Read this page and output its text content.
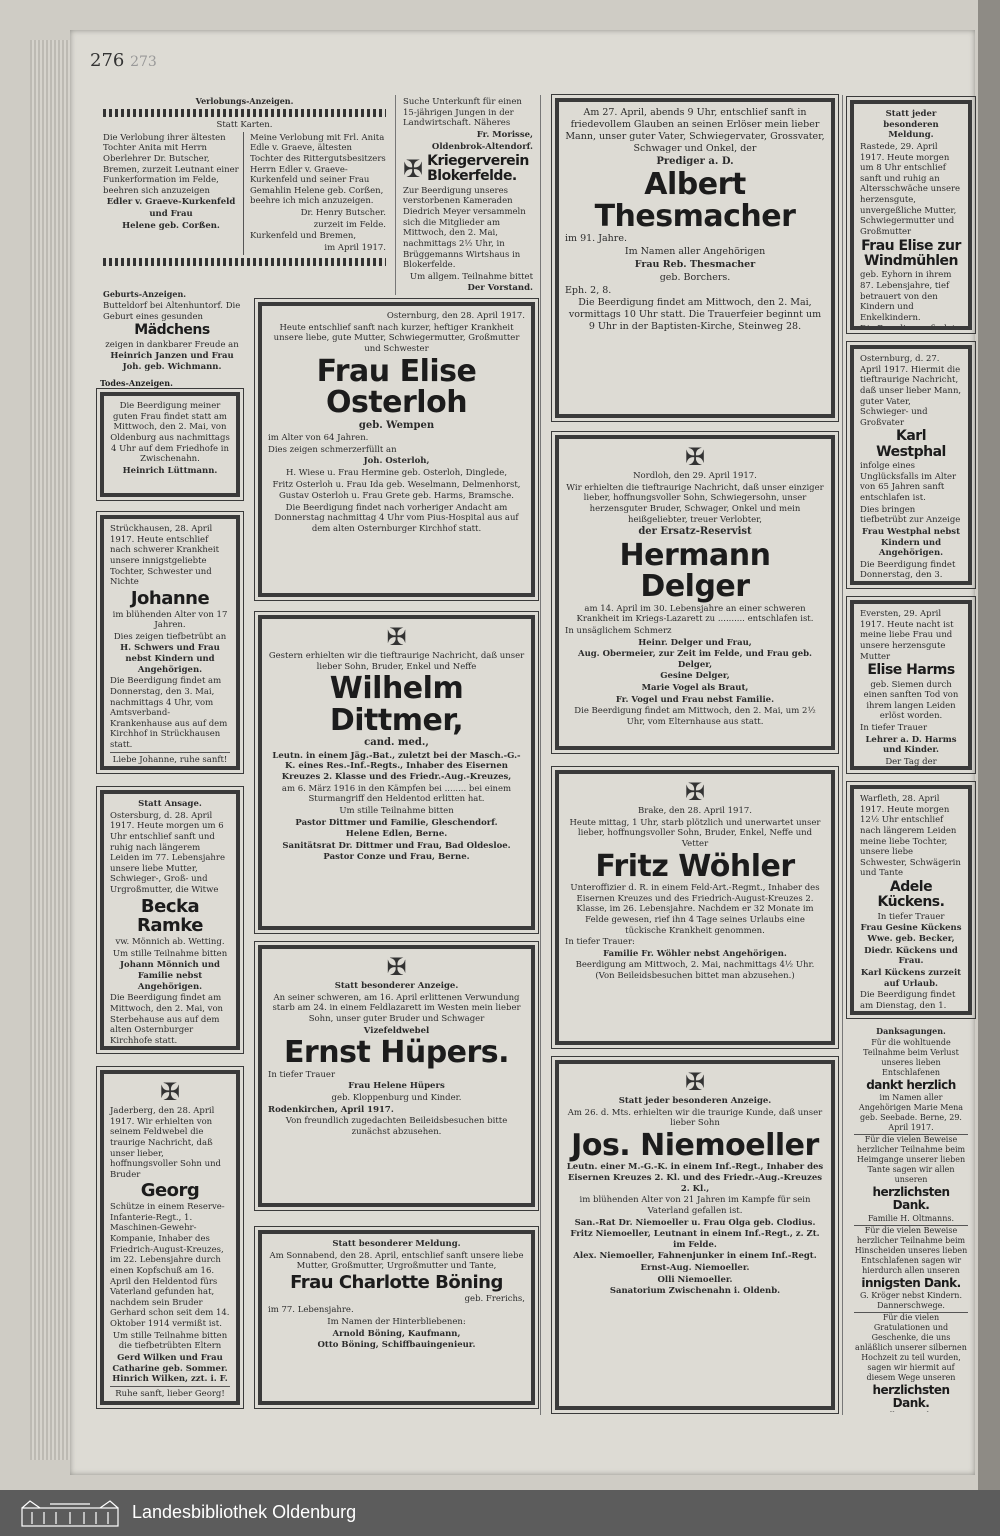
276 273
Verlobungs-Anzeigen.
Statt Karten.
Die Verlobung ihrer ältesten Tochter Anita mit Herrn Oberlehrer Dr. Butscher, Bremen, zurzeit Leutnant einer Funkerformation im Felde, beehren sich anzuzeigen
Edler v. Graeve-Kurkenfeld
und Frau
Helene geb. Corßen.
Meine Verlobung mit Frl. Anita Edle v. Graeve, ältesten Tochter des Rittergutsbesitzers Herrn Edler v. Graeve-Kurkenfeld und seiner Frau Gemahlin Helene geb. Corßen, beehre ich mich anzuzeigen.
Dr. Henry Butscher.
zurzeit im Felde.
Kurkenfeld und Bremen,
im April 1917.
Suche Unterkunft für einen 15-jährigen Jungen in der Landwirtschaft. Näheres
Fr. Morisse,
Oldenbrok-Altendorf.
✠ Kriegerverein
Blokerfelde.
Zur Beerdigung unseres verstorbenen Kameraden Diedrich Meyer versammeln sich die Mitglieder am Mittwoch, den 2. Mai, nachmittags 2½ Uhr, in Brüggemanns Wirtshaus in Blokerfelde.
Um allgem. Teilnahme bittet
Der Vorstand.
Geburts-Anzeigen.
Butteldorf bei Altenhuntorf. Die Geburt eines gesunden
Mädchens
zeigen in dankbarer Freude an
Heinrich Janzen und Frau Joh. geb. Wichmann.
Todes-Anzeigen.
Die Beerdigung meiner guten Frau findet statt am Mittwoch, den 2. Mai, von Oldenburg aus nachmittags 4 Uhr auf dem Friedhofe in Zwischenahn.
Heinrich Lüttmann.
Strückhausen, 28. April 1917. Heute entschlief nach schwerer Krankheit unsere innigstgeliebte Tochter, Schwester und Nichte
Johanne
im blühenden Alter von 17 Jahren.
Dies zeigen tiefbetrübt an
H. Schwers und Frau nebst Kindern und Angehörigen.
Die Beerdigung findet am Donnerstag, den 3. Mai, nachmittags 4 Uhr, vom Amtsverband-Krankenhause aus auf dem Kirchhof in Strückhausen statt.
Liebe Johanne, ruhe sanft!
Statt Ansage.
Ostersburg, d. 28. April 1917. Heute morgen um 6 Uhr entschlief sanft und ruhig nach längerem Leiden im 77. Lebensjahre unsere liebe Mutter, Schwieger-, Groß- und Urgroßmutter, die Witwe
Becka Ramke
vw. Mönnich ab. Wetting.
Um stille Teilnahme bitten
Johann Mönnich und Familie nebst Angehörigen.
Die Beerdigung findet am Mittwoch, den 2. Mai, von Sterbehause aus auf dem alten Osternburger Kirchhofe statt.
✠
Jaderberg, den 28. April 1917. Wir erhielten von seinem Feldwebel die traurige Nachricht, daß unser lieber, hoffnungsvoller Sohn und Bruder
Georg
Schütze in einem Reserve-Infanterie-Regt., 1. Maschinen-Gewehr-Kompanie, Inhaber des Friedrich-August-Kreuzes, im 22. Lebensjahre durch einen Kopfschuß am 16. April den Heldentod fürs Vaterland gefunden hat, nachdem sein Bruder Gerhard schon seit dem 14. Oktober 1914 vermißt ist.
Um stille Teilnahme bitten die tiefbetrübten Eltern
Gerd Wilken und Frau Catharine geb. Sommer. Hinrich Wilken, zzt. i. F.
Ruhe sanft, lieber Georg!
Osternburg, den 28. April 1917.
Heute entschlief sanft nach kurzer, heftiger Krankheit unsere liebe, gute Mutter, Schwiegermutter, Großmutter und Schwester
Frau Elise Osterloh
geb. Wempen
im Alter von 64 Jahren.
Dies zeigen schmerzerfüllt an
Joh. Osterloh,
H. Wiese u. Frau Hermine geb. Osterloh, Dinglede,
Fritz Osterloh u. Frau Ida geb. Weselmann, Delmenhorst,
Gustav Osterloh u. Frau Grete geb. Harms, Bramsche.
Die Beerdigung findet nach vorheriger Andacht am Donnerstag nachmittag 4 Uhr vom Pius-Hospital aus auf dem alten Osternburger Kirchhof statt.
✠
Gestern erhielten wir die tieftraurige Nachricht, daß unser lieber Sohn, Bruder, Enkel und Neffe
Wilhelm Dittmer,
cand. med.,
Leutn. in einem Jäg.-Bat., zuletzt bei der Masch.-G.-K. eines Res.-Inf.-Regts., Inhaber des Eisernen Kreuzes 2. Klasse und des Friedr.-Aug.-Kreuzes,
am 6. März 1916 in den Kämpfen bei ........ bei einem Sturmangriff den Heldentod erlitten hat.
Um stille Teilnahme bitten
Pastor Dittmer und Familie, Gleschendorf.
Helene Edlen, Berne.
Sanitätsrat Dr. Dittmer und Frau, Bad Oldesloe.
Pastor Conze und Frau, Berne.
✠
Statt besonderer Anzeige.
An seiner schweren, am 16. April erlittenen Verwundung starb am 24. in einem Feldlazarett im Westen mein lieber Sohn, unser guter Bruder und Schwager
Vizefeldwebel
Ernst Hüpers.
In tiefer Trauer
Frau Helene Hüpers
geb. Kloppenburg und Kinder.
Rodenkirchen, April 1917.
Von freundlich zugedachten Beileidsbesuchen bitte zunächst abzusehen.
Statt besonderer Meldung.
Am Sonnabend, den 28. April, entschlief sanft unsere liebe Mutter, Großmutter, Urgroßmutter und Tante,
Frau Charlotte Böning
geb. Frerichs,
im 77. Lebensjahre.
Im Namen der Hinterbliebenen:
Arnold Böning, Kaufmann,
Otto Böning, Schiffbauingenieur.
Am 27. April, abends 9 Uhr, entschlief sanft in friedevollem Glauben an seinen Erlöser mein lieber Mann, unser guter Vater, Schwiegervater, Grossvater, Schwager und Onkel, der
Prediger a. D.
Albert Thesmacher
im 91. Jahre.
Im Namen aller Angehörigen
Frau Reb. Thesmacher
geb. Borchers.
Eph. 2, 8.
Die Beerdigung findet am Mittwoch, den 2. Mai, vormittags 10 Uhr statt. Die Trauerfeier beginnt um 9 Uhr in der Baptisten-Kirche, Steinweg 28.
✠
Nordloh, den 29. April 1917.
Wir erhielten die tieftraurige Nachricht, daß unser einziger lieber, hoffnungsvoller Sohn, Schwiegersohn, unser herzensguter Bruder, Schwager, Onkel und mein heißgeliebter, treuer Verlobter,
der Ersatz-Reservist
Hermann Delger
am 14. April im 30. Lebensjahre an einer schweren Krankheit im Kriegs-Lazarett zu .......... entschlafen ist.
In unsäglichem Schmerz
Heinr. Delger und Frau,
Aug. Obermeier, zur Zeit im Felde, und Frau geb. Delger,
Gesine Delger,
Marie Vogel als Braut,
Fr. Vogel und Frau nebst Familie.
Die Beerdigung findet am Mittwoch, den 2. Mai, um 2½ Uhr, vom Elternhause aus statt.
✠
Brake, den 28. April 1917.
Heute mittag, 1 Uhr, starb plötzlich und unerwartet unser lieber, hoffnungsvoller Sohn, Bruder, Enkel, Neffe und Vetter
Fritz Wöhler
Unteroffizier d. R. in einem Feld-Art.-Regmt., Inhaber des Eisernen Kreuzes und des Friedrich-August-Kreuzes 2. Klasse, im 26. Lebensjahre. Nachdem er 32 Monate im Felde gewesen, rief ihn 4 Tage seines Urlaubs eine tückische Krankheit genommen.
In tiefer Trauer:
Familie Fr. Wöhler nebst Angehörigen.
Beerdigung am Mittwoch, 2. Mai, nachmittags 4½ Uhr. (Von Beileidsbesuchen bittet man abzusehen.)
✠
Statt jeder besonderen Anzeige.
Am 26. d. Mts. erhielten wir die traurige Kunde, daß unser lieber Sohn
Jos. Niemoeller
Leutn. einer M.-G.-K. in einem Inf.-Regt., Inhaber des Eisernen Kreuzes 2. Kl. und des Friedr.-Aug.-Kreuzes 2. Kl.,
im blühenden Alter von 21 Jahren im Kampfe für sein Vaterland gefallen ist.
San.-Rat Dr. Niemoeller u. Frau Olga geb. Clodius.
Fritz Niemoeller, Leutnant in einem Inf.-Regt., z. Zt. im Felde.
Alex. Niemoeller, Fahnenjunker in einem Inf.-Regt.
Ernst-Aug. Niemoeller.
Olli Niemoeller.
Sanatorium Zwischenahn i. Oldenb.
Statt jeder besonderen Meldung.
Rastede, 29. April 1917. Heute morgen um 8 Uhr entschlief sanft und ruhig an Altersschwäche unsere herzensgute, unvergeßliche Mutter, Schwiegermutter und Großmutter
Frau Elise zur Windmühlen
geb. Eyhorn in ihrem 87. Lebensjahre, tief betrauert von den Kindern und Enkelkindern.
Die Beerdigung findet
Osternburg, d. 27. April 1917. Hiermit die tieftraurige Nachricht, daß unser lieber Mann, guter Vater, Schwieger- und Großvater
Karl Westphal
infolge eines Unglücksfalls im Alter von 65 Jahren sanft entschlafen ist.
Dies bringen tiefbetrübt zur Anzeige
Frau Westphal nebst Kindern und Angehörigen.
Die Beerdigung findet Donnerstag, den 3.
Eversten, 29. April 1917. Heute nacht ist meine liebe Frau und unsere herzensgute Mutter
Elise Harms
geb. Siemen durch einen sanften Tod von ihrem langen Leiden erlöst worden.
In tiefer Trauer
Lehrer a. D. Harms und Kinder.
Der Tag der
Warfleth, 28. April 1917. Heute morgen 12½ Uhr entschlief nach längerem Leiden meine liebe Tochter, unsere liebe Schwester, Schwägerin und Tante
Adele Kückens.
In tiefer Trauer
Frau Gesine Kückens Wwe. geb. Becker,
Diedr. Kückens und Frau.
Karl Kückens zurzeit auf Urlaub.
Die Beerdigung findet am Dienstag, den 1.
Danksagungen.
Für die wohltuende Teilnahme beim Verlust unseres lieben Entschlafenen
dankt herzlich
im Namen aller Angehörigen Marie Mena geb. Seebade. Berne, 29. April 1917.
Für die vielen Beweise herzlicher Teilnahme beim Heimgange unserer lieben Tante sagen wir allen unseren
herzlichsten Dank.
Familie H. Oltmanns.
Für die vielen Beweise herzlicher Teilnahme beim Hinscheiden unseres lieben Entschlafenen sagen wir hierdurch allen unseren
innigsten Dank.
G. Kröger nebst Kindern. Dannerschwege.
Für die vielen Gratulationen und Geschenke, die uns anläßlich unserer silbernen Hochzeit zu teil wurden, sagen wir hiermit auf diesem Wege unseren
herzlichsten Dank.
Landesbibliothek Oldenburg
